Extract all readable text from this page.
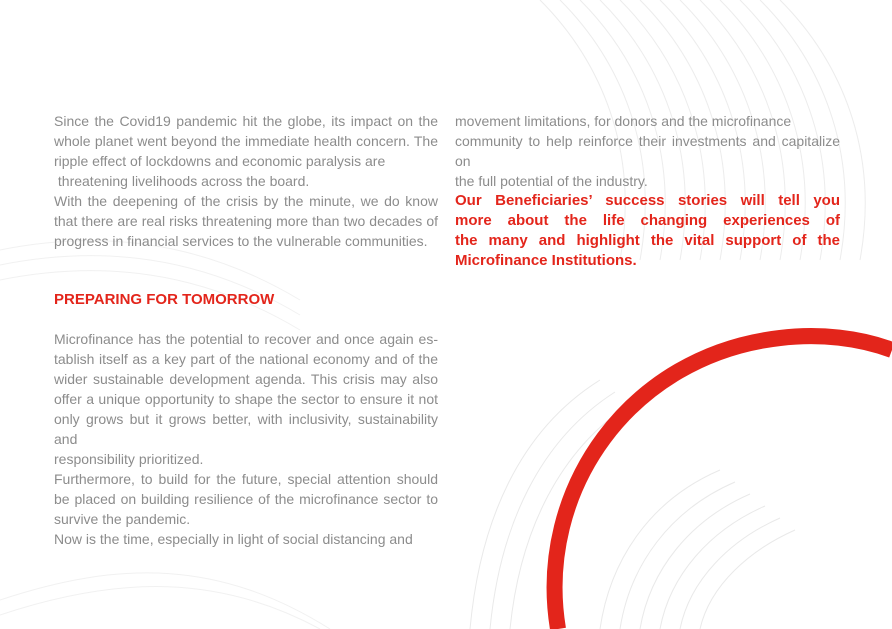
Since the Covid19 pandemic hit the globe, its impact on the
whole planet went beyond the immediate health concern. The
ripple effect of lockdowns and economic paralysis are
threatening livelihoods across the board.
With the deepening of the crisis by the minute, we do know
that there are real risks threatening more than two decades of
progress in financial services to the vulnerable communities.
PREPARING FOR TOMORROW
Microfinance has the potential to recover and once again es-
tablish itself as a key part of the national economy and of the
wider sustainable development agenda. This crisis may also
offer a unique opportunity to shape the sector to ensure it not
only grows but it grows better, with inclusivity, sustainability and
responsibility prioritized.
Furthermore, to build for the future, special attention should
be placed on building resilience of the microfinance sector to
survive the pandemic.
Now is the time, especially in light of social distancing and
movement limitations, for donors and the microfinance
community to help reinforce their investments and capitalize on
the full potential of the industry.
Our Beneficiaries’ success stories will tell you
more about the life changing experiences of
the many and highlight the vital support of the
Microfinance Institutions.
